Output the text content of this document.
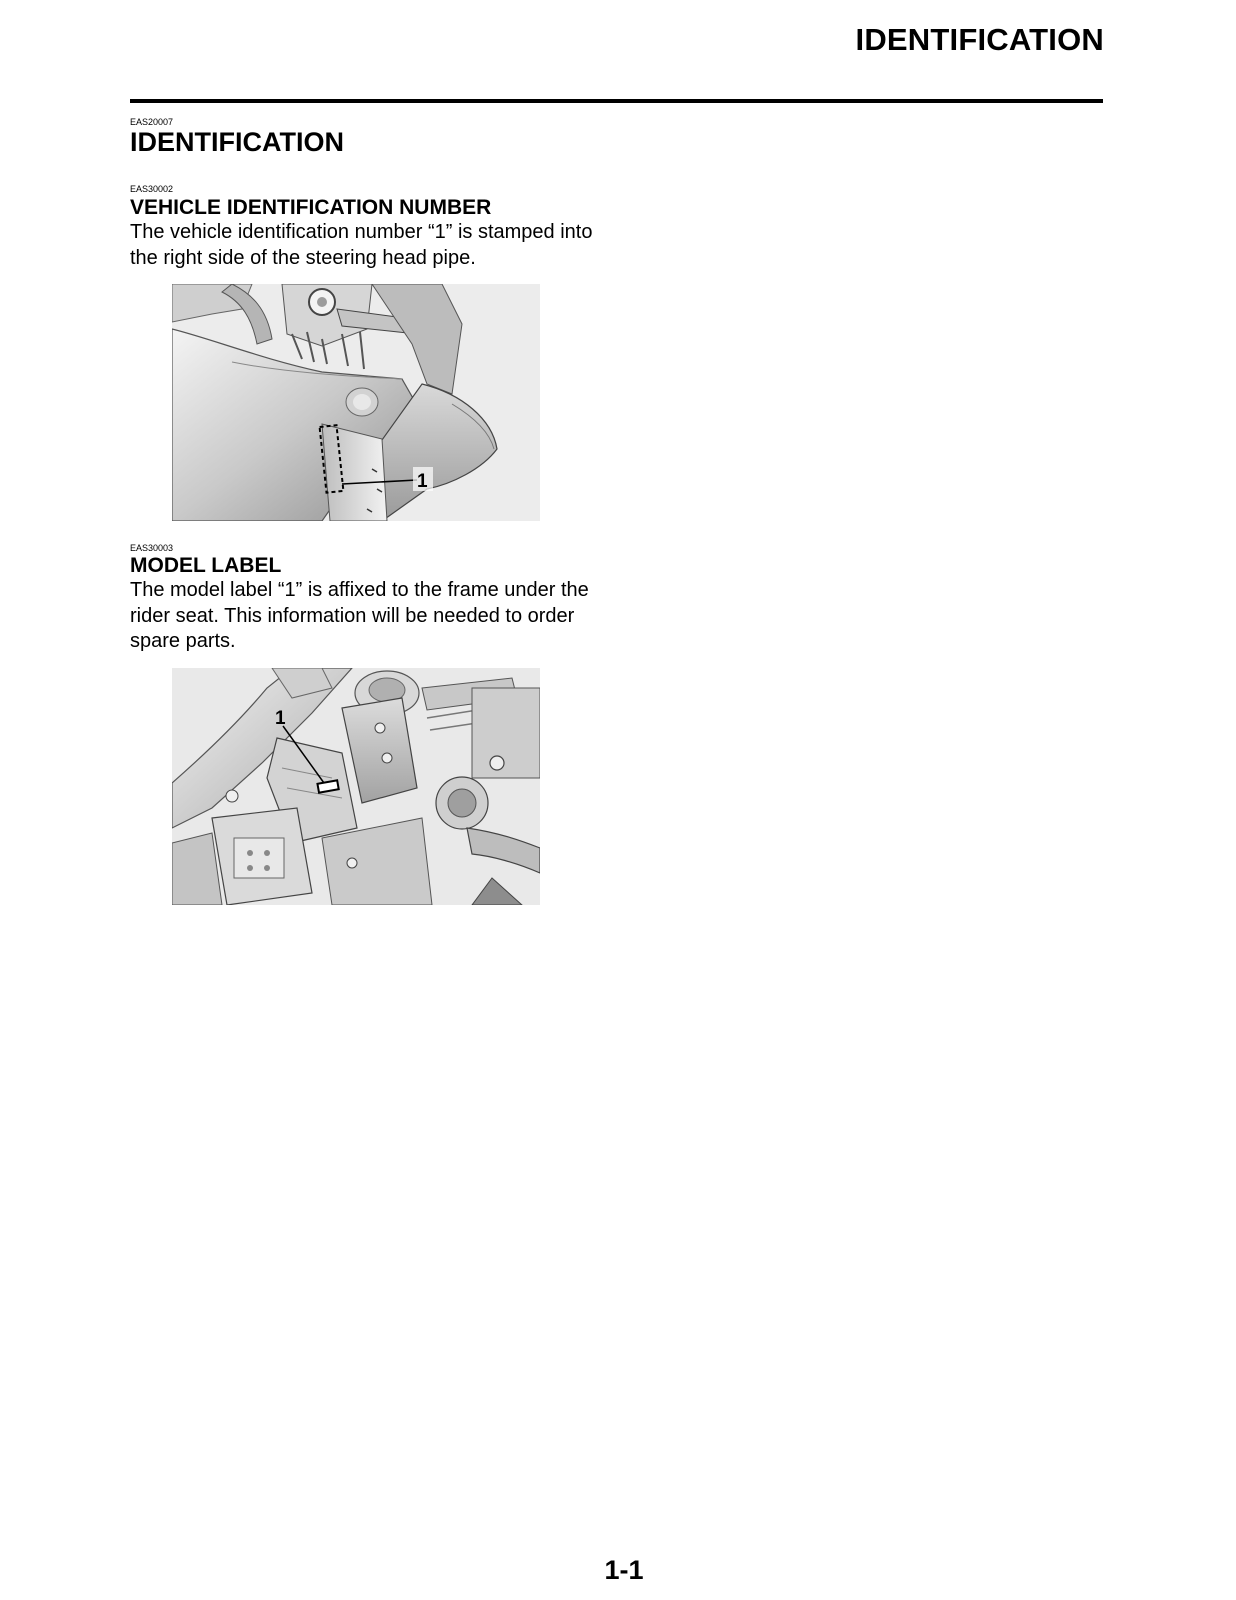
IDENTIFICATION
EAS20007
IDENTIFICATION
EAS30002
VEHICLE IDENTIFICATION NUMBER
The vehicle identification number “1” is stamped into the right side of the steering head pipe.
1
EAS30003
MODEL LABEL
The model label “1” is affixed to the frame under the rider seat. This information will be needed to order spare parts.
1
1-1
